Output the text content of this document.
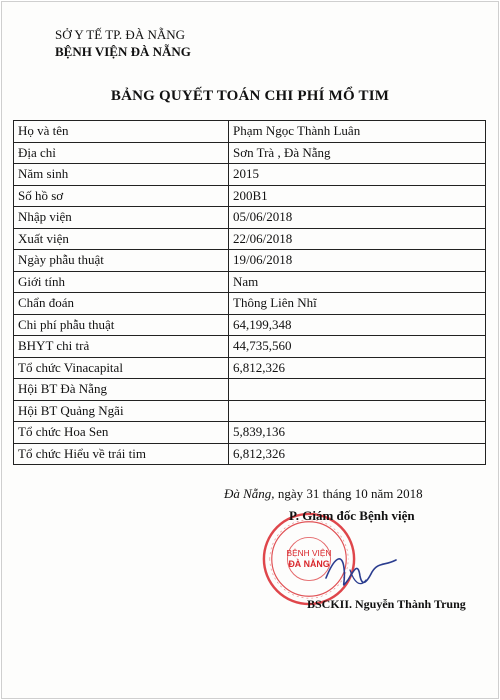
SỞ Y TẾ TP. ĐÀ NẴNG
BỆNH VIỆN ĐÀ NẴNG
BẢNG QUYẾT TOÁN CHI PHÍ MỔ TIM
Họ và tên	Phạm Ngọc Thành Luân
Địa chỉ	Sơn Trà , Đà Nẵng
Năm sinh	2015
Số hồ sơ	200B1
Nhập viện	05/06/2018
Xuất viện	22/06/2018
Ngày phẫu thuật	19/06/2018
Giới tính	Nam
Chẩn đoán	Thông Liên Nhĩ
Chi phí phẫu thuật	64,199,348
BHYT chi trả	44,735,560
Tổ chức Vinacapital	6,812,326
Hội BT Đà Nẵng	
Hội BT Quảng Ngãi	
Tổ chức Hoa Sen	5,839,136
Tổ chức Hiểu về trái tim	6,812,326
Đà Nẵng, ngày 31 tháng 10 năm 2018
BỆNH VIỆN
ĐÀ NẴNG
P. Giám đốc Bệnh viện
BSCKII. Nguyễn Thành Trung
